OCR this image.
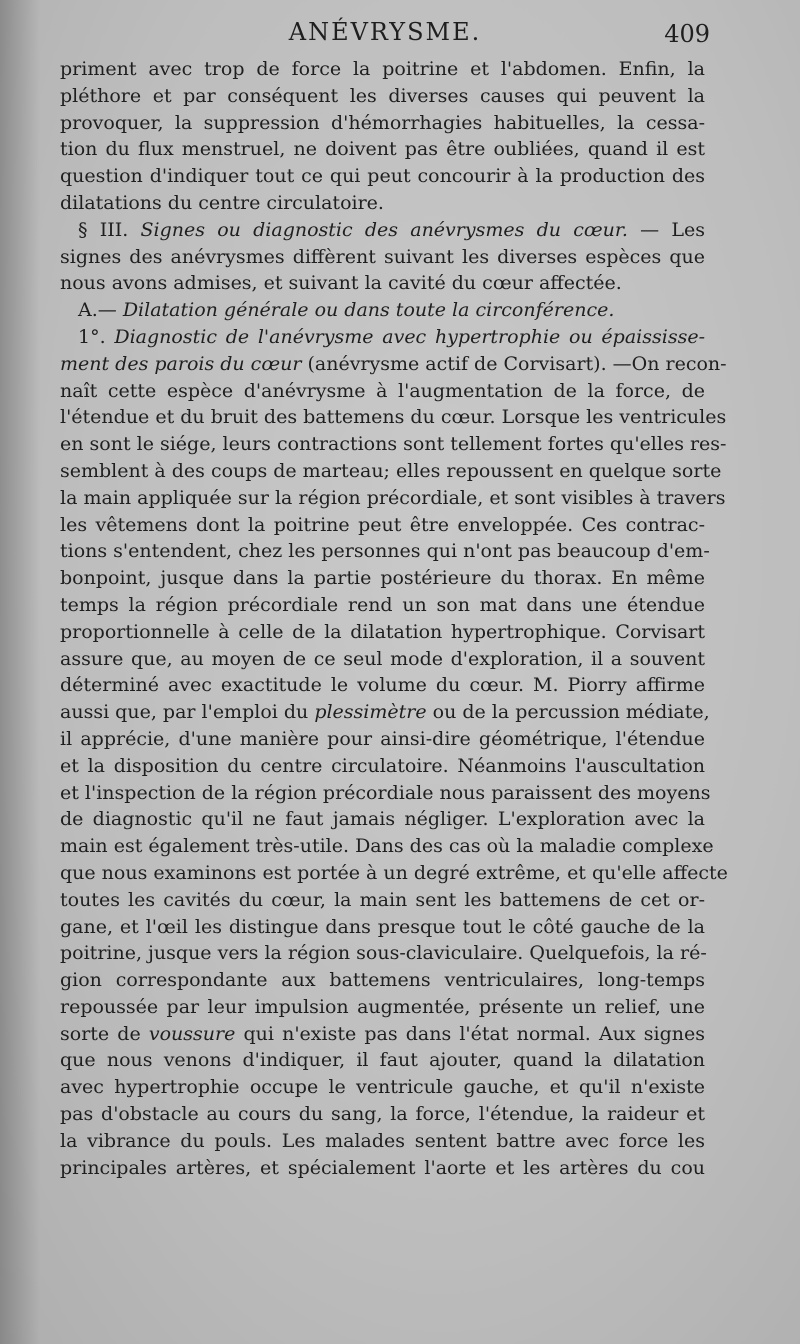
ANÉVRYSME.	409

priment avec trop de force la poitrine et l'abdomen. Enfin, la

pléthore et par conséquent les diverses causes qui peuvent la

provoquer, la suppression d'hémorrhagies habituelles, la cessa-

tion du flux menstruel, ne doivent pas être oubliées, quand il est

question d'indiquer tout ce qui peut concourir à la production des

dilatations du centre circulatoire.

§ III. Signes ou diagnostic des anévrysmes du cœur. — Les

signes des anévrysmes diffèrent suivant les diverses espèces que

nous avons admises, et suivant la cavité du cœur affectée.

A.— Dilatation générale ou dans toute la circonférence.

1°. Diagnostic de l'anévrysme avec hypertrophie ou épaississe-

ment des parois du cœur (anévrysme actif de Corvisart). —On recon-

naît cette espèce d'anévrysme à l'augmentation de la force, de

l'étendue et du bruit des battemens du cœur. Lorsque les ventricules

en sont le siége, leurs contractions sont tellement fortes qu'elles res-

semblent à des coups de marteau; elles repoussent en quelque sorte

la main appliquée sur la région précordiale, et sont visibles à travers

les vêtemens dont la poitrine peut être enveloppée. Ces contrac-

tions s'entendent, chez les personnes qui n'ont pas beaucoup d'em-

bonpoint, jusque dans la partie postérieure du thorax. En même

temps la région précordiale rend un son mat dans une étendue

proportionnelle à celle de la dilatation hypertrophique. Corvisart

assure que, au moyen de ce seul mode d'exploration, il a souvent

déterminé avec exactitude le volume du cœur. M. Piorry affirme

aussi que, par l'emploi du plessimètre ou de la percussion médiate,

il apprécie, d'une manière pour ainsi-dire géométrique, l'étendue

et la disposition du centre circulatoire. Néanmoins l'auscultation

et l'inspection de la région précordiale nous paraissent des moyens

de diagnostic qu'il ne faut jamais négliger. L'exploration avec la

main est également très-utile. Dans des cas où la maladie complexe

que nous examinons est portée à un degré extrême, et qu'elle affecte

toutes les cavités du cœur, la main sent les battemens de cet or-

gane, et l'œil les distingue dans presque tout le côté gauche de la

poitrine, jusque vers la région sous-claviculaire. Quelquefois, la ré-

gion correspondante aux battemens ventriculaires, long-temps

repoussée par leur impulsion augmentée, présente un relief, une

sorte de voussure qui n'existe pas dans l'état normal. Aux signes

que nous venons d'indiquer, il faut ajouter, quand la dilatation

avec hypertrophie occupe le ventricule gauche, et qu'il n'existe

pas d'obstacle au cours du sang, la force, l'étendue, la raideur et

la vibrance du pouls. Les malades sentent battre avec force les

principales artères, et spécialement l'aorte et les artères du cou
